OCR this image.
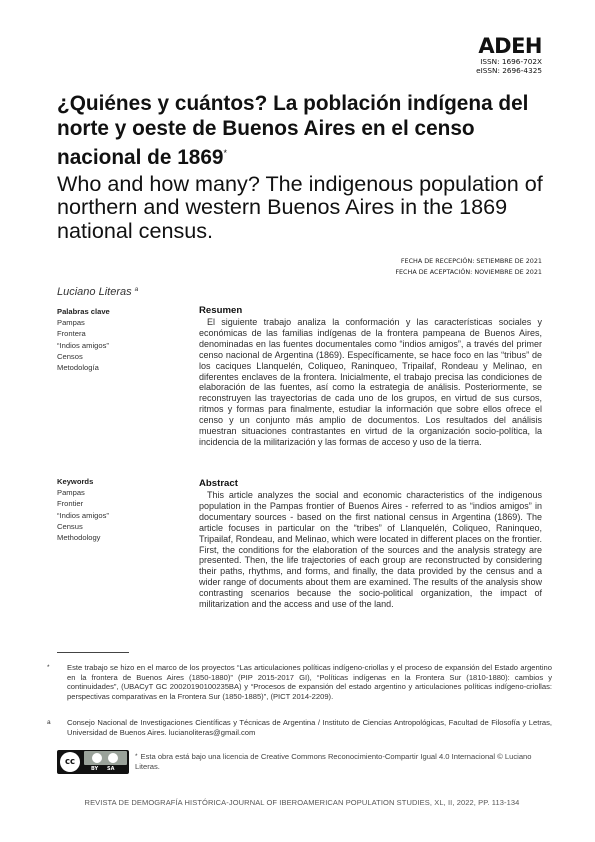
ADEH
ISSN: 1696-702X
eISSN: 2696-4325
¿Quiénes y cuántos? La población indígena del norte y oeste de Buenos Aires en el censo nacional de 1869*
Who and how many? The indigenous population of northern and western Buenos Aires in the 1869 national census.
FECHA DE RECEPCIÓN: SETIEMBRE DE 2021
FECHA DE ACEPTACIÓN: NOVIEMBRE DE 2021
Luciano Literas $^a$
Palabras clave
Pampas
Frontera
“Indios amigos”
Censos
Metodología
Resumen

El siguiente trabajo analiza la conformación y las características sociales y económicas de las familias indígenas de la frontera pampeana de Buenos Aires, denominadas en las fuentes documentales como “indios amigos”, a través del primer censo nacional de Argentina (1869). Específicamente, se hace foco en las “tribus” de los caciques Llanquelén, Coliqueo, Raninqueo, Tripailaf, Rondeau y Melinao, en diferentes enclaves de la frontera. Inicialmente, el trabajo precisa las condiciones de elaboración de las fuentes, así como la estrategia de análisis. Posteriormente, se reconstruyen las trayectorias de cada uno de los grupos, en virtud de sus cursos, ritmos y formas para finalmente, estudiar la información que sobre ellos ofrece el censo y un conjunto más amplio de documentos. Los resultados del análisis muestran situaciones contrastantes en virtud de la organización socio-política, la incidencia de la militarización y las formas de acceso y uso de la tierra.

Keywords
Pampas
Frontier
“Indios amigos”
Census
Methodology
Abstract

This article analyzes the social and economic characteristics of the indigenous population in the Pampas frontier of Buenos Aires - referred to as “indios amigos” in documentary sources - based on the first national census in Argentina (1869). The article focuses in particular on the “tribes” of Llanquelén, Coliqueo, Raninqueo, Tripailaf, Rondeau, and Melinao, which were located in different places on the frontier. First, the conditions for the elaboration of the sources and the analysis strategy are presented. Then, the life trajectories of each group are reconstructed by considering their paths, rhythms, and forms, and finally, the data provided by the census and a wider range of documents about them are examined. The results of the analysis show contrasting scenarios because the socio-political organization, the impact of militarization and the access and use of the land.

* Este trabajo se hizo en el marco de los proyectos “Las articulaciones políticas indígeno-criollas y el proceso de expansión del Estado argentino en la frontera de Buenos Aires (1850-1880)” (PIP 2015-2017 GI), “Políticas indígenas en la Frontera Sur (1810-1880): cambios y continuidades”, (UBACyT GC 20020190100235BA) y “Procesos de expansión del estado argentino y articulaciones políticas indígeno-criollas: perspectivas comparativas en la Frontera Sur (1850-1885)”, (PICT 2014-2209).
a Consejo Nacional de Investigaciones Científicas y Técnicas de Argentina / Instituto de Ciencias Antropológicas, Facultad de Filosofía y Letras, Universidad de Buenos Aires. lucianoliteras@gmail.com
cc
BY SA
* Esta obra está bajo una licencia de Creative Commons Reconocimiento-Compartir Igual 4.0 Internacional © Luciano Literas.
REVISTA DE DEMOGRAFÍA HISTÓRICA-JOURNAL OF IBEROAMERICAN POPULATION STUDIES, XL, II, 2022, PP. 113-134
